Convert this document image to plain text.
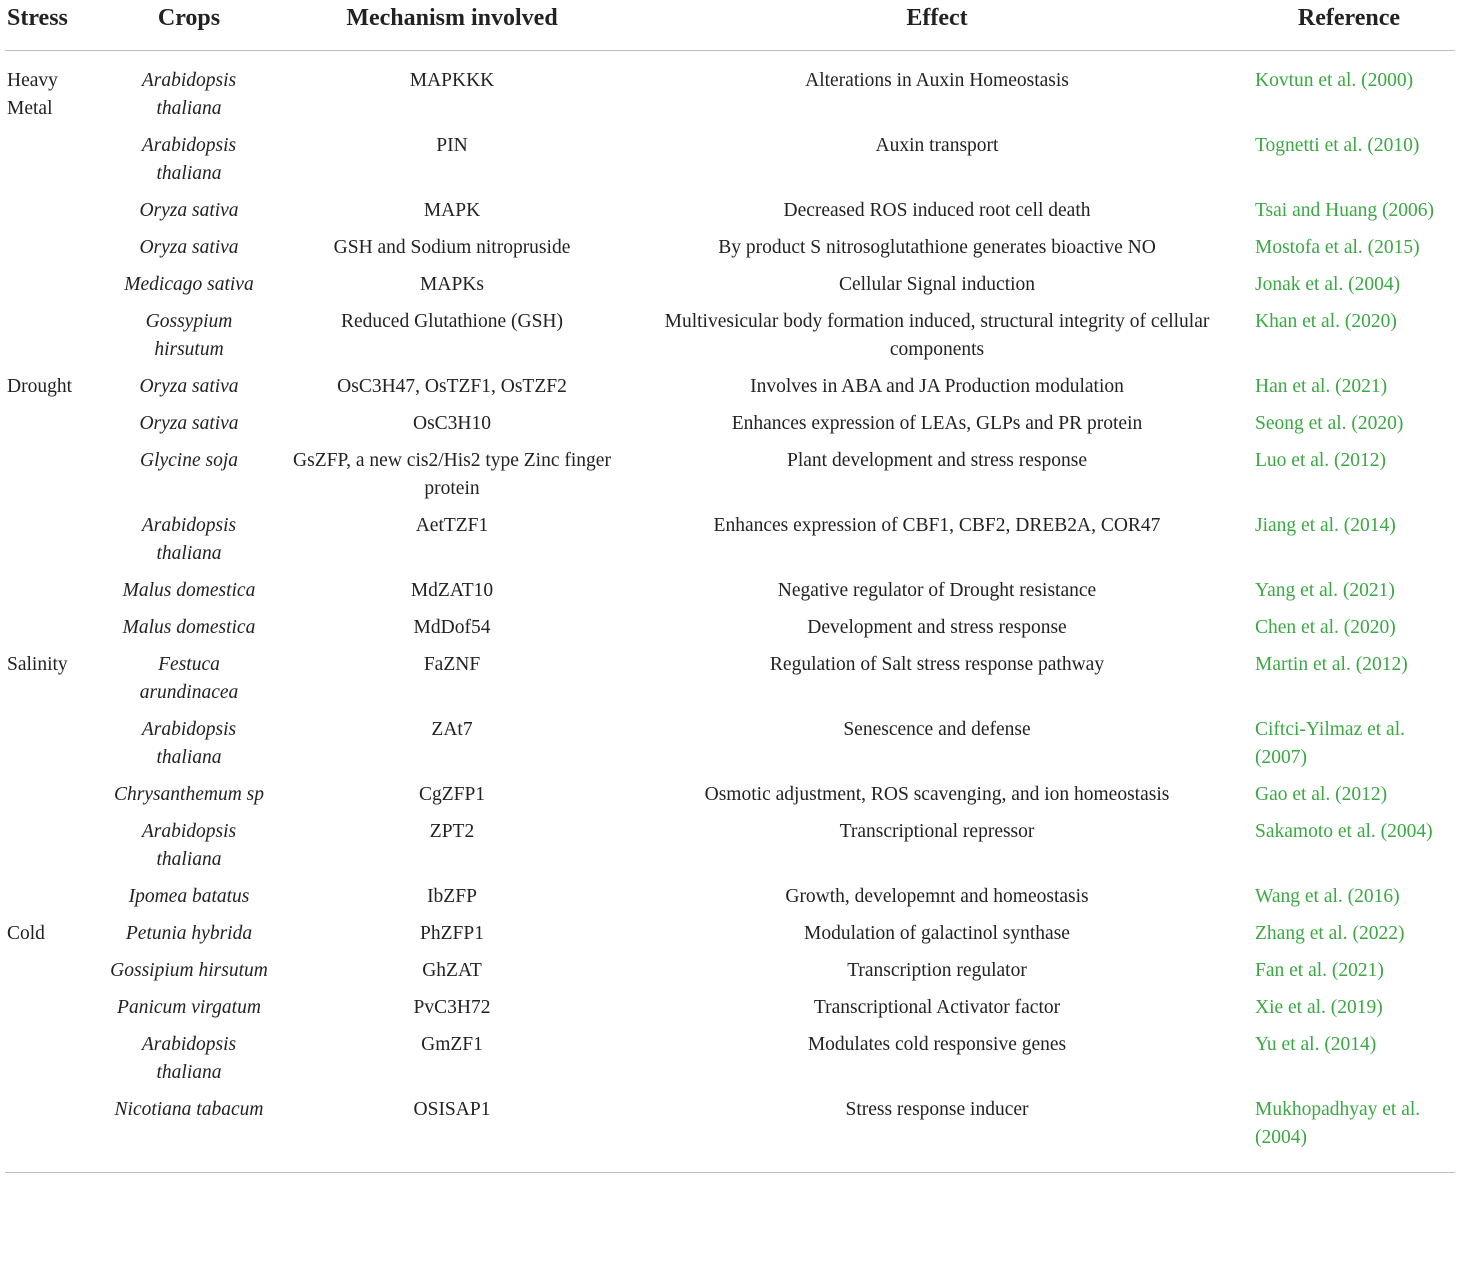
Stress	Crops	Mechanism involved	Effect	Reference
Heavy Metal	Arabidopsis thaliana	MAPKKK	Alterations in Auxin Homeostasis	Kovtun et al. (2000)
	Arabidopsis thaliana	PIN	Auxin transport	Tognetti et al. (2010)
	Oryza sativa	MAPK	Decreased ROS induced root cell death	Tsai and Huang (2006)
	Oryza sativa	GSH and Sodium nitropruside	By product S nitrosoglutathione generates bioactive NO	Mostofa et al. (2015)
	Medicago sativa	MAPKs	Cellular Signal induction	Jonak et al. (2004)
	Gossypium hirsutum	Reduced Glutathione (GSH)	Multivesicular body formation induced, structural integrity of cellular components	Khan et al. (2020)
Drought	Oryza sativa	OsC3H47, OsTZF1, OsTZF2	Involves in ABA and JA Production modulation	Han et al. (2021)
	Oryza sativa	OsC3H10	Enhances expression of LEAs, GLPs and PR protein	Seong et al. (2020)
	Glycine soja	GsZFP, a new cis2/His2 type Zinc finger protein	Plant development and stress response	Luo et al. (2012)
	Arabidopsis thaliana	AetTZF1	Enhances expression of CBF1, CBF2, DREB2A, COR47	Jiang et al. (2014)
	Malus domestica	MdZAT10	Negative regulator of Drought resistance	Yang et al. (2021)
	Malus domestica	MdDof54	Development and stress response	Chen et al. (2020)
Salinity	Festuca arundinacea	FaZNF	Regulation of Salt stress response pathway	Martin et al. (2012)
	Arabidopsis thaliana	ZAt7	Senescence and defense	Ciftci-Yilmaz et al. (2007)
	Chrysanthemum sp	CgZFP1	Osmotic adjustment, ROS scavenging, and ion homeostasis	Gao et al. (2012)
	Arabidopsis thaliana	ZPT2	Transcriptional repressor	Sakamoto et al. (2004)
	Ipomea batatus	IbZFP	Growth, developemnt and homeostasis	Wang et al. (2016)
Cold	Petunia hybrida	PhZFP1	Modulation of galactinol synthase	Zhang et al. (2022)
	Gossipium hirsutum	GhZAT	Transcription regulator	Fan et al. (2021)
	Panicum virgatum	PvC3H72	Transcriptional Activator factor	Xie et al. (2019)
	Arabidopsis thaliana	GmZF1	Modulates cold responsive genes	Yu et al. (2014)
	Nicotiana tabacum	OSISAP1	Stress response inducer	Mukhopadhyay et al. (2004)
